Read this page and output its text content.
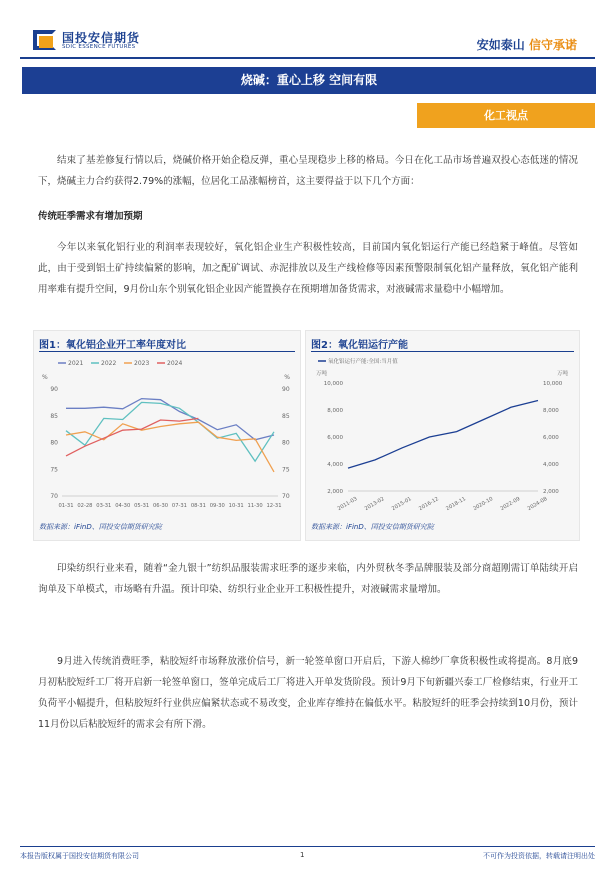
国投安信期货
SDIC ESSENCE FUTURES	安如泰山 信守承诺
烧碱：重心上移 空间有限
化工视点
结束了基差修复行情以后，烧碱价格开始企稳反弹，重心呈现稳步上移的格局。今日在化工品市场普遍双投心态低迷的情况下，烧碱主力合约获得2.79%的涨幅，位居化工品涨幅榜首，这主要得益于以下几个方面：
传统旺季需求有增加预期
今年以来氧化铝行业的利润率表现较好，氧化铝企业生产积极性较高，目前国内氧化铝运行产能已经趋紧于峰值。尽管如此，由于受到铝土矿持续偏紧的影响，加之配矿调试、赤泥排放以及生产线检修等因素预警限制氧化铝产量释放，氧化铝产能利用率难有提升空间，9月份山东个别氧化铝企业因产能置换存在预期增加备货需求，对液碱需求量稳中小幅增加。
图1：氧化铝企业开工率年度对比
2021	2022	2023	2024
%	%
90	90
85	85
80	80
75	75
70	70
01-31 02-28 03-31 04-30 05-31 06-30 07-31 08-31 09-30 10-31 11-30 12-31
数据来源：iFinD、国投安信期货研究院
图2：氧化铝运行产能
氧化铝运行产能:全国:当月值
万吨	万吨
10,000	10,000
8,000	8,000
6,000	6,000
4,000	4,000
2,000	2,000
2011-03 2013-02 2015-01 2016-12 2018-11 2020-10 2022-09 2024-08
数据来源：iFinD、国投安信期货研究院
印染纺织行业来看，随着“金九银十”纺织品服装需求旺季的逐步来临，内外贸秋冬季品牌服装及部分商超刚需订单陆续开启询单及下单模式，市场略有升温。预计印染、纺织行业企业开工积极性提升，对液碱需求量增加。
9月进入传统消费旺季，粘胶短纤市场释放涨价信号，新一轮签单窗口开启后，下游人棉纱厂拿货积极性或将提高。8月底9月初粘胶短纤工厂将开启新一轮签单窗口，签单完成后工厂将进入开单发货阶段。预计9月下旬新疆兴泰工厂检修结束，行业开工负荷平小幅提升，但粘胶短纤行业供应偏紧状态或不易改变，企业库存维持在偏低水平。粘胶短纤的旺季会持续到10月份，预计11月份以后粘胶短纤的需求会有所下滑。
本报告版权属于国投安信期货有限公司	1	不可作为投资依据，转载请注明出处
